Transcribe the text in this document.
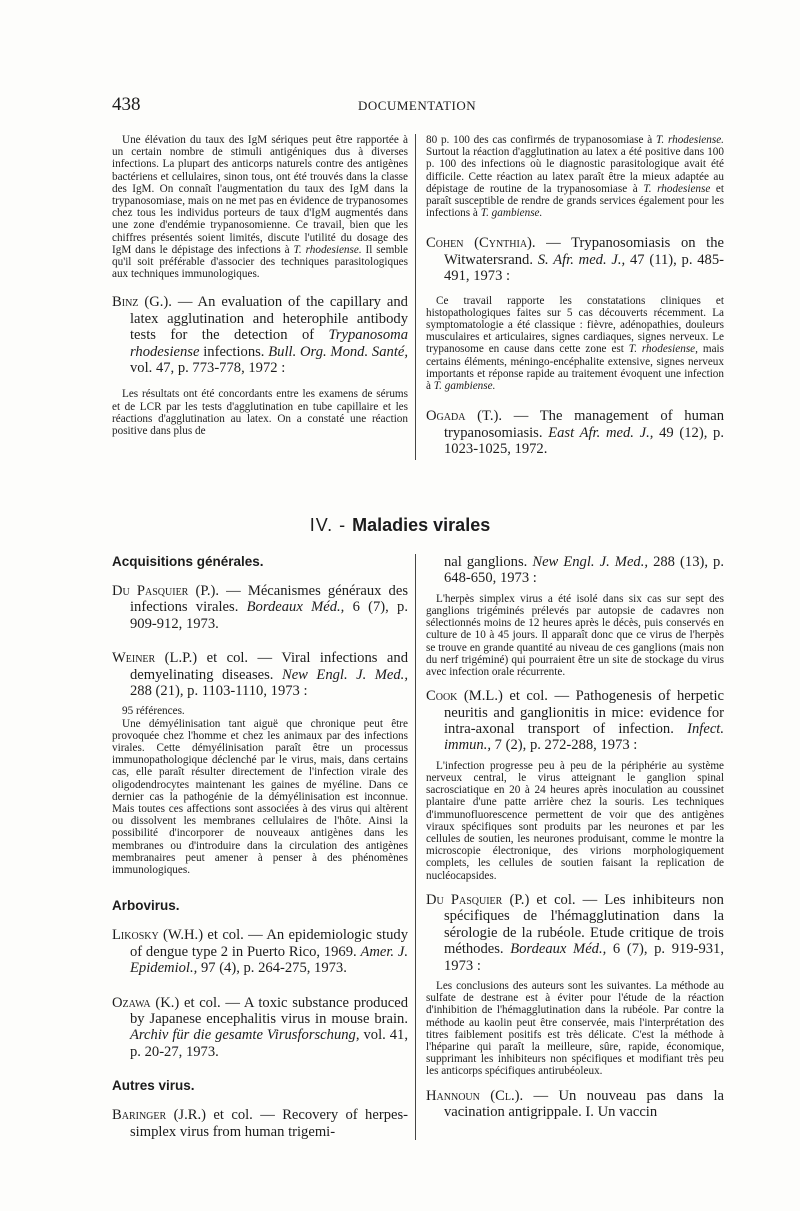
438	DOCUMENTATION

Une élévation du taux des IgM sériques peut être rapportée à un certain nombre de stimuli antigéniques dus à diverses infections. La plupart des anticorps naturels contre des antigènes bactériens et cellulaires, sinon tous, ont été trouvés dans la classe des IgM. On connaît l'augmentation du taux des IgM dans la trypanosomiase, mais on ne met pas en évidence de trypanosomes chez tous les individus porteurs de taux d'IgM augmentés dans une zone d'endémie trypanosomienne. Ce travail, bien que les chiffres présentés soient limités, discute l'utilité du dosage des IgM dans le dépistage des infections à T. rhodesiense. Il semble qu'il soit préférable d'associer des techniques parasitologiques aux techniques immunologiques.

Binz (G.). — An evaluation of the capillary and latex agglutination and heterophile antibody tests for the detection of Trypanosoma rhodesiense infections. Bull. Org. Mond. Santé, vol. 47, p. 773-778, 1972 :

Les résultats ont été concordants entre les examens de sérums et de LCR par les tests d'agglutination en tube capillaire et les réactions d'agglutination au latex. On a constaté une réaction positive dans plus de

80 p. 100 des cas confirmés de trypanosomiase à T. rhodesiense. Surtout la réaction d'agglutination au latex a été positive dans 100 p. 100 des infections où le diagnostic parasitologique avait été difficile. Cette réaction au latex paraît être la mieux adaptée au dépistage de routine de la trypanosomiase à T. rhodesiense et paraît susceptible de rendre de grands services également pour les infections à T. gambiense.

Cohen (Cynthia). — Trypanosomiasis on the Witwatersrand. S. Afr. med. J., 47 (11), p. 485-491, 1973 :

Ce travail rapporte les constatations cliniques et histopathologiques faites sur 5 cas découverts récemment. La symptomatologie a été classique : fièvre, adénopathies, douleurs musculaires et articulaires, signes cardiaques, signes nerveux. Le trypanosome en cause dans cette zone est T. rhodesiense, mais certains éléments, méningo-encéphalite extensive, signes nerveux importants et réponse rapide au traitement évoquent une infection à T. gambiense.

Ogada (T.). — The management of human trypanosomiasis. East Afr. med. J., 49 (12), p. 1023-1025, 1972.

IV. - Maladies virales

Acquisitions générales.

Du Pasquier (P.). — Mécanismes généraux des infections virales. Bordeaux Méd., 6 (7), p. 909-912, 1973.

Weiner (L.P.) et col. — Viral infections and demyelinating diseases. New Engl. J. Med., 288 (21), p. 1103-1110, 1973 :

95 références.

Une démyélinisation tant aiguë que chronique peut être provoquée chez l'homme et chez les animaux par des infections virales. Cette démyélinisation paraît être un processus immunopathologique déclenché par le virus, mais, dans certains cas, elle paraît résulter directement de l'infection virale des oligodendrocytes maintenant les gaines de myéline. Dans ce dernier cas la pathogénie de la démyélinisation est inconnue. Mais toutes ces affections sont associées à des virus qui altèrent ou dissolvent les membranes cellulaires de l'hôte. Ainsi la possibilité d'incorporer de nouveaux antigènes dans les membranes ou d'introduire dans la circulation des antigènes membranaires peut amener à penser à des phénomènes immunologiques.

Arbovirus.

Likosky (W.H.) et col. — An epidemiologic study of dengue type 2 in Puerto Rico, 1969. Amer. J. Epidemiol., 97 (4), p. 264-275, 1973.

Ozawa (K.) et col. — A toxic substance produced by Japanese encephalitis virus in mouse brain. Archiv für die gesamte Virusforschung, vol. 41, p. 20-27, 1973.

Autres virus.

Baringer (J.R.) et col. — Recovery of herpes-simplex virus from human trigemi-

nal ganglions. New Engl. J. Med., 288 (13), p. 648-650, 1973 :

L'herpès simplex virus a été isolé dans six cas sur sept des ganglions trigéminés prélevés par autopsie de cadavres non sélectionnés moins de 12 heures après le décès, puis conservés en culture de 10 à 45 jours. Il apparaît donc que ce virus de l'herpès se trouve en grande quantité au niveau de ces ganglions (mais non du nerf trigéminé) qui pourraient être un site de stockage du virus avec infection orale récurrente.

Cook (M.L.) et col. — Pathogenesis of herpetic neuritis and ganglionitis in mice: evidence for intra-axonal transport of infection. Infect. immun., 7 (2), p. 272-288, 1973 :

L'infection progresse peu à peu de la périphérie au système nerveux central, le virus atteignant le ganglion spinal sacrosciatique en 20 à 24 heures après inoculation au coussinet plantaire d'une patte arrière chez la souris. Les techniques d'immunofluorescence permettent de voir que des antigènes viraux spécifiques sont produits par les neurones et par les cellules de soutien, les neurones produisant, comme le montre la microscopie électronique, des virions morphologiquement complets, les cellules de soutien faisant la replication de nucléocapsides.

Du Pasquier (P.) et col. — Les inhibiteurs non spécifiques de l'hémagglutination dans la sérologie de la rubéole. Etude critique de trois méthodes. Bordeaux Méd., 6 (7), p. 919-931, 1973 :

Les conclusions des auteurs sont les suivantes. La méthode au sulfate de destrane est à éviter pour l'étude de la réaction d'inhibition de l'hémagglutination dans la rubéole. Par contre la méthode au kaolin peut être conservée, mais l'interprétation des titres faiblement positifs est très délicate. C'est la méthode à l'héparine qui paraît la meilleure, sûre, rapide, économique, supprimant les inhibiteurs non spécifiques et modifiant très peu les anticorps spécifiques antirubéoleux.

Hannoun (Cl.). — Un nouveau pas dans la vacination antigrippale. I. Un vaccin
